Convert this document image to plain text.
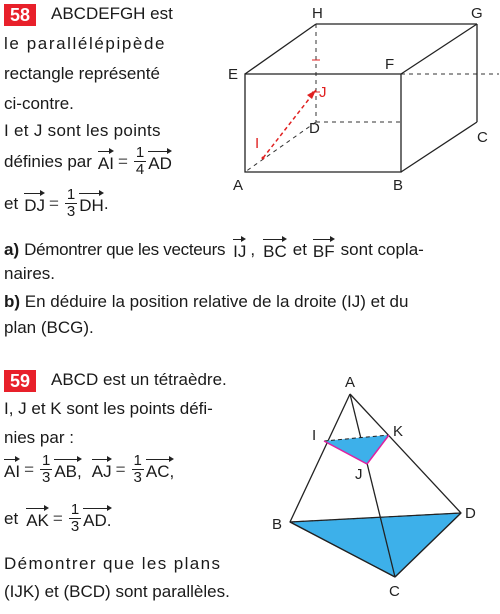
58	ABCDEFGH est
le parallélépipède
rectangle représenté
ci-contre.
I et J sont les points
définies par AI = $\frac{1}{4}$ AD
et DJ = $\frac{1}{3}$ DH .
a) Démontrer que les vecteurs IJ , BC et BF sont copla-
naires.
b) En déduire la position relative de la droite (IJ) et du
plan (BCG).
H	G
E
F
J
I
D
C
A	B
59	ABCD est un tétraèdre.
I, J et K sont les points défi-
nies par :
AI = $\frac{1}{3}$ AB, AJ = $\frac{1}{3}$ AC,
et AK = $\frac{1}{3}$ AD.
Démontrer que les plans
(IJK) et (BCD) sont parallèles.
A
I	K
J
B
D
C
